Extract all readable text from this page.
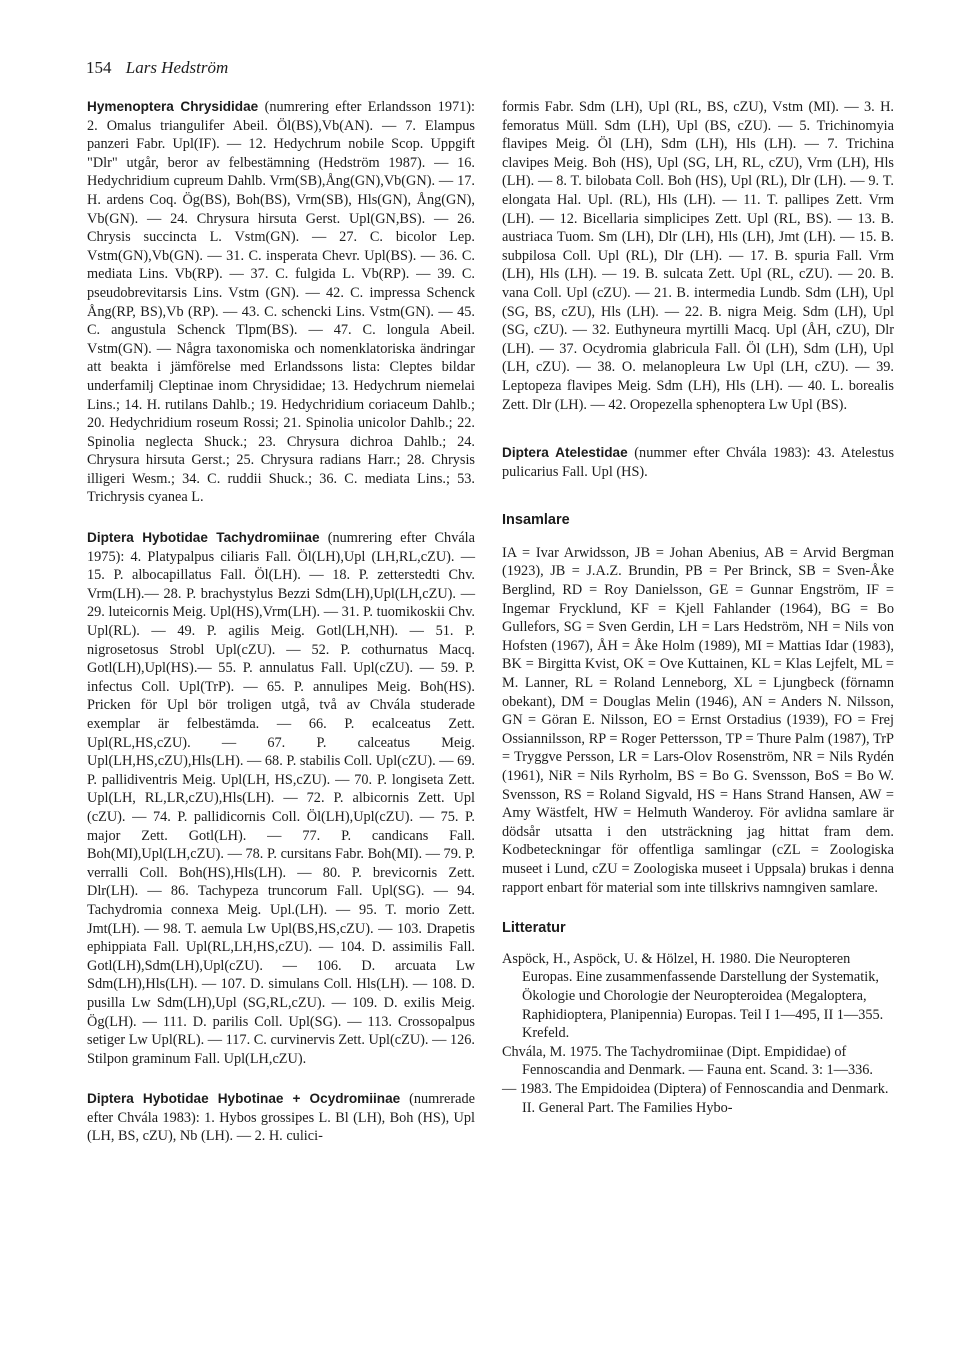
154 Lars Hedström

Hymenoptera Chrysididae (numrering efter Erlandsson 1971): 2. Omalus triangulifer Abeil. Öl(BS),Vb(AN). — 7. Elampus panzeri Fabr. Upl(IF). — 12. Hedychrum nobile Scop. Uppgift "Dlr" utgår, beror av felbestämning (Hedström 1987). — 16. Hedychridium cupreum Dahlb. Vrm(SB),Ång(GN),Vb(GN). — 17. H. ardens Coq. Ög(BS), Boh(BS), Vrm(SB), Hls(GN), Ång(GN), Vb(GN). — 24. Chrysura hirsuta Gerst. Upl(GN,BS). — 26. Chrysis succincta L. Vstm(GN). — 27. C. bicolor Lep. Vstm(GN),Vb(GN). — 31. C. insperata Chevr. Upl(BS). — 36. C. mediata Lins. Vb(RP). — 37. C. fulgida L. Vb(RP). — 39. C. pseudobrevitarsis Lins. Vstm (GN). — 42. C. impressa Schenck Ång(RP, BS),Vb (RP). — 43. C. schencki Lins. Vstm(GN). — 45. C. angustula Schenck Tlpm(BS). — 47. C. longula Abeil. Vstm(GN). — Några taxonomiska och nomenklatoriska ändringar att beakta i jämförelse med Erlandssons lista: Cleptes bildar underfamilj Cleptinae inom Chrysididae; 13. Hedychrum niemelai Lins.; 14. H. rutilans Dahlb.; 19. Hedychridium coriaceum Dahlb.; 20. Hedychridium roseum Rossi; 21. Spinolia unicolor Dahlb.; 22. Spinolia neglecta Shuck.; 23. Chrysura dichroa Dahlb.; 24. Chrysura hirsuta Gerst.; 25. Chrysura radians Harr.; 28. Chrysis illigeri Wesm.; 34. C. ruddii Shuck.; 36. C. mediata Lins.; 53. Trichrysis cyanea L.

Diptera Hybotidae Tachydromiinae (numrering efter Chvála 1975): 4. Platypalpus ciliaris Fall. Öl(LH),Upl (LH,RL,cZU). — 15. P. albocapillatus Fall. Öl(LH). — 18. P. zetterstedti Chv. Vrm(LH).— 28. P. brachystylus Bezzi Sdm(LH),Upl(LH,cZU). — 29. luteicornis Meig. Upl(HS),Vrm(LH). — 31. P. tuomikoskii Chv. Upl(RL). — 49. P. agilis Meig. Gotl(LH,NH). — 51. P. nigrosetosus Strobl Upl(cZU). — 52. P. cothurnatus Macq. Gotl(LH),Upl(HS).— 55. P. annulatus Fall. Upl(cZU). — 59. P. infectus Coll. Upl(TrP). — 65. P. annulipes Meig. Boh(HS). Pricken för Upl bör troligen utgå, två av Chvála studerade exemplar är felbestämda. — 66. P. ecalceatus Zett. Upl(RL,HS,cZU). — 67. P. calceatus Meig. Upl(LH,HS,cZU),Hls(LH). — 68. P. stabilis Coll. Upl(cZU). — 69. P. pallidiventris Meig. Upl(LH, HS,cZU). — 70. P. longiseta Zett. Upl(LH, RL,LR,cZU),Hls(LH). — 72. P. albicornis Zett. Upl (cZU). — 74. P. pallidicornis Coll. Öl(LH),Upl(cZU). — 75. P. major Zett. Gotl(LH). — 77. P. candicans Fall. Boh(MI),Upl(LH,cZU). — 78. P. cursitans Fabr. Boh(MI). — 79. P. verralli Coll. Boh(HS),Hls(LH). — 80. P. brevicornis Zett. Dlr(LH). — 86. Tachypeza truncorum Fall. Upl(SG). — 94. Tachydromia connexa Meig. Upl.(LH). — 95. T. morio Zett. Jmt(LH). — 98. T. aemula Lw Upl(BS,HS,cZU). — 103. Drapetis ephippiata Fall. Upl(RL,LH,HS,cZU). — 104. D. assimilis Fall. Gotl(LH),Sdm(LH),Upl(cZU). — 106. D. arcuata Lw Sdm(LH),Hls(LH). — 107. D. simulans Coll. Hls(LH). — 108. D. pusilla Lw Sdm(LH),Upl (SG,RL,cZU). — 109. D. exilis Meig. Ög(LH). — 111. D. parilis Coll. Upl(SG). — 113. Crossopalpus setiger Lw Upl(RL). — 117. C. curvinervis Zett. Upl(cZU). — 126. Stilpon graminum Fall. Upl(LH,cZU).

Diptera Hybotidae Hybotinae + Ocydromiinae (numrerade efter Chvála 1983): 1. Hybos grossipes L. Bl (LH), Boh (HS), Upl (LH, BS, cZU), Nb (LH). — 2. H. culici-

formis Fabr. Sdm (LH), Upl (RL, BS, cZU), Vstm (MI). — 3. H. femoratus Müll. Sdm (LH), Upl (BS, cZU). — 5. Trichinomyia flavipes Meig. Öl (LH), Sdm (LH), Hls (LH). — 7. Trichina clavipes Meig. Boh (HS), Upl (SG, LH, RL, cZU), Vrm (LH), Hls (LH). — 8. T. bilobata Coll. Boh (HS), Upl (RL), Dlr (LH). — 9. T. elongata Hal. Upl. (RL), Hls (LH). — 11. T. pallipes Zett. Vrm (LH). — 12. Bicellaria simplicipes Zett. Upl (RL, BS). — 13. B. austriaca Tuom. Sm (LH), Dlr (LH), Hls (LH), Jmt (LH). — 15. B. subpilosa Coll. Upl (RL), Dlr (LH). — 17. B. spuria Fall. Vrm (LH), Hls (LH). — 19. B. sulcata Zett. Upl (RL, cZU). — 20. B. vana Coll. Upl (cZU). — 21. B. intermedia Lundb. Sdm (LH), Upl (SG, BS, cZU), Hls (LH). — 22. B. nigra Meig. Sdm (LH), Upl (SG, cZU). — 32. Euthyneura myrtilli Macq. Upl (ÅH, cZU), Dlr (LH). — 37. Ocydromia glabricula Fall. Öl (LH), Sdm (LH), Upl (LH, cZU). — 38. O. melanopleura Lw Upl (LH, cZU). — 39. Leptopeza flavipes Meig. Sdm (LH), Hls (LH). — 40. L. borealis Zett. Dlr (LH). — 42. Oropezella sphenoptera Lw Upl (BS).

Diptera Atelestidae (nummer efter Chvála 1983): 43. Atelestus pulicarius Fall. Upl (HS).

Insamlare

IA = Ivar Arwidsson, JB = Johan Abenius, AB = Arvid Bergman (1923), JB = J.A.Z. Brundin, PB = Per Brinck, SB = Sven-Åke Berglind, RD = Roy Danielsson, GE = Gunnar Engström, IF = Ingemar Frycklund, KF = Kjell Fahlander (1964), BG = Bo Gullefors, SG = Sven Gerdin, LH = Lars Hedström, NH = Nils von Hofsten (1967), ÅH = Åke Holm (1989), MI = Mattias Idar (1983), BK = Birgitta Kvist, OK = Ove Kuttainen, KL = Klas Lejfelt, ML = M. Lanner, RL = Roland Lenneborg, XL = Ljungbeck (förnamn obekant), DM = Douglas Melin (1946), AN = Anders N. Nilsson, GN = Göran E. Nilsson, EO = Ernst Orstadius (1939), FO = Frej Ossiannilsson, RP = Roger Pettersson, TP = Thure Palm (1987), TrP = Tryggve Persson, LR = Lars-Olov Rosenström, NR = Nils Rydén (1961), NiR = Nils Ryrholm, BS = Bo G. Svensson, BoS = Bo W. Svensson, RS = Roland Sigvald, HS = Hans Strand Hansen, AW = Amy Wästfelt, HW = Helmuth Wanderoy. För avlidna samlare är dödsår utsatta i den utsträckning jag hittat fram dem. Kodbeteckningar för offentliga samlingar (cZL = Zoologiska museet i Lund, cZU = Zoologiska museet i Uppsala) brukas i denna rapport enbart för material som inte tillskrivs namngiven samlare.

Litteratur

Aspöck, H., Aspöck, U. & Hölzel, H. 1980. Die Neuropteren Europas. Eine zusammenfassende Darstellung der Systematik, Ökologie und Chorologie der Neuropteroidea (Megaloptera, Raphidioptera, Planipennia) Europas. Teil I 1—495, II 1—355. Krefeld.

Chvála, M. 1975. The Tachydromiinae (Dipt. Empididae) of Fennoscandia and Denmark. — Fauna ent. Scand. 3: 1—336.

— 1983. The Empidoidea (Diptera) of Fennoscandia and Denmark. II. General Part. The Families Hybo-
